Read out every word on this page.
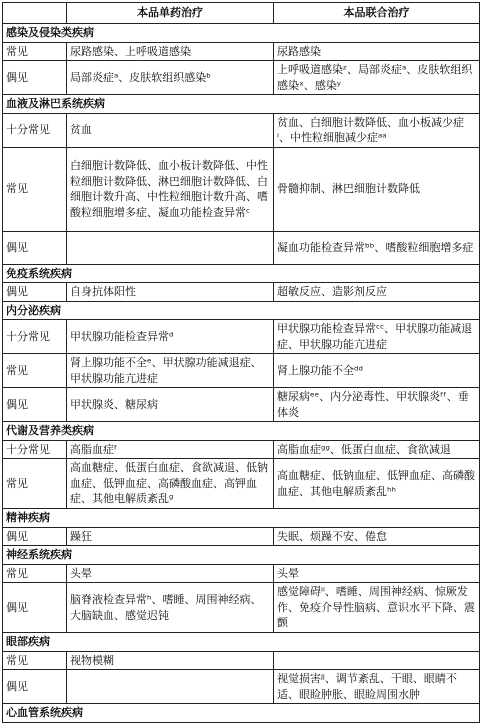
	本品单药治疗	本品联合治疗
感染及侵染类疾病		
常见	尿路感染、上呼吸道感染	尿路感染
偶见	局部炎症ᵃ、皮肤软组织感染ᵇ	上呼吸道感染ᶻ、局部炎症ᵃ、皮肤软组织感染ˣ、感染ʸ
血液及淋巴系统疾病		
十分常见	贫血	贫血、白细胞计数降低、血小板减少症ⁱ、中性粒细胞减少症ᵃᵃ
常见	白细胞计数降低、血小板计数降低、中性粒细胞计数降低、淋巴细胞计数降低、白细胞计数升高、中性粒细胞计数升高、嗜酸粒细胞增多症、凝血功能检查异常ᶜ	骨髓抑制、淋巴细胞计数降低
偶见		凝血功能检查异常ᵇᵇ、嗜酸粒细胞增多症
免疫系统疾病		
偶见	自身抗体阳性	超敏反应、造影剂反应
内分泌疾病		
十分常见	甲状腺功能检查异常ᵈ	甲状腺功能检查异常ᶜᶜ、甲状腺功能减退症、甲状腺功能亢进症
常见	肾上腺功能不全ᵉ、甲状腺功能减退症、甲状腺功能亢进症	肾上腺功能不全ᵈᵈ
偶见	甲状腺炎、糖尿病	糖尿病ᵉᵉ、内分泌毒性、甲状腺炎ᶠᶠ、垂体炎
代谢及营养类疾病		
十分常见	高脂血症ᶠ	高脂血症ᵍᵍ、低蛋白血症、食欲减退
常见	高血糖症、低蛋白血症、食欲减退、低钠血症、低钾血症、高磷酸血症、高钾血症、其他电解质紊乱ᵍ	高血糖症、低钠血症、低钾血症、高磷酸血症、其他电解质紊乱ʰʰ
精神疾病		
偶见	躁狂	失眠、烦躁不安、倦怠
神经系统疾病		
常见	头晕	头晕
偶见	脑脊液检查异常ʰ、嗜睡、周围神经病、大脑缺血、感觉迟钝	感觉障碍ⁱⁱ、嗜睡、周围神经病、惊厥发作、免疫介导性脑病、意识水平下降、震颤
眼部疾病		
常见	视物模糊	
偶见		视觉损害ʲʲ、调节紊乱、干眼、眼睛不适、眼睑肿胀、眼睑周围水肿
心血管系统疾病		
